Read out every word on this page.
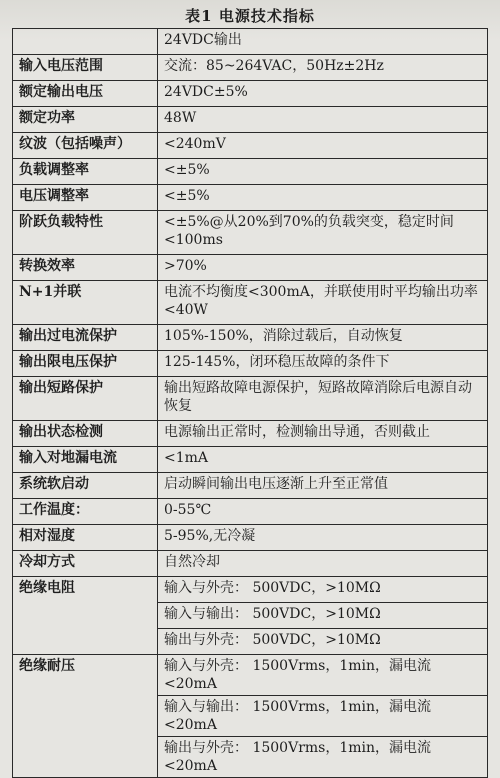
表1 电源技术指标
	24VDC输出
输入电压范围	交流：85~264VAC，50Hz±2Hz
额定输出电压	24VDC±5%
额定功率	48W
纹波（包括噪声）	<240mV
负载调整率	<±5%
电压调整率	<±5%
阶跃负载特性	<±5%@从20%到70%的负载突变，稳定时间<100ms
转换效率	>70%
N+1并联	电流不均衡度<300mA，并联使用时平均输出功率<40W
输出过电流保护	105%-150%，消除过载后，自动恢复
输出限电压保护	125-145%，闭环稳压故障的条件下
输出短路保护	输出短路故障电源保护，短路故障消除后电源自动恢复
输出状态检测	电源输出正常时，检测输出导通，否则截止
输入对地漏电流	<1mA
系统软启动	启动瞬间输出电压逐渐上升至正常值
工作温度：	0-55℃
相对湿度	5-95%,无冷凝
冷却方式	自然冷却
绝缘电阻	输入与外壳： 500VDC，>10MΩ
	输入与输出： 500VDC，>10MΩ
	输出与外壳： 500VDC，>10MΩ
绝缘耐压	输入与外壳： 1500Vrms，1min，漏电流<20mA
	输入与输出： 1500Vrms，1min，漏电流<20mA
	输出与外壳： 1500Vrms，1min，漏电流<20mA
